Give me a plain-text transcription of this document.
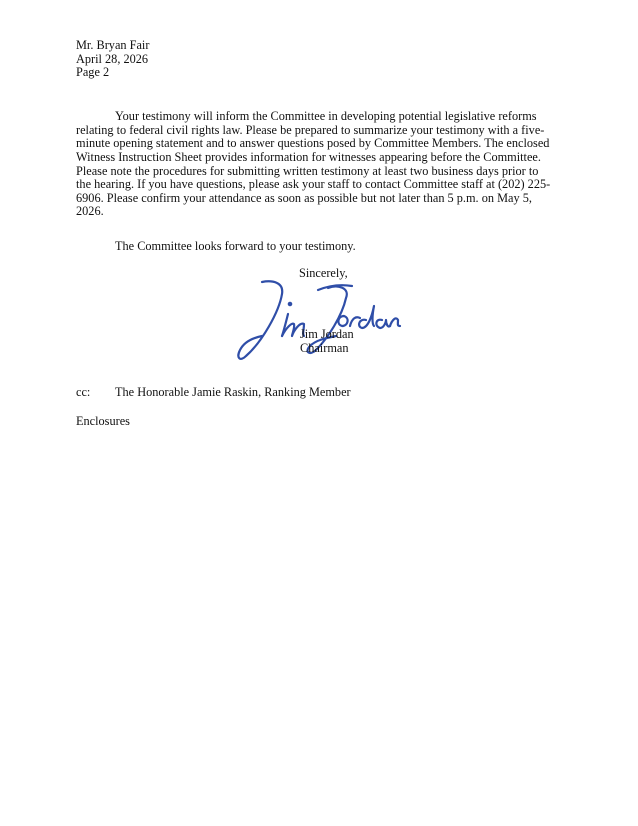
Mr. Bryan Fair
April 28, 2026
Page 2
Your testimony will inform the Committee in developing potential legislative reforms
relating to federal civil rights law. Please be prepared to summarize your testimony with a five-
minute opening statement and to answer questions posed by Committee Members. The enclosed
Witness Instruction Sheet provides information for witnesses appearing before the Committee.
Please note the procedures for submitting written testimony at least two business days prior to
the hearing. If you have questions, please ask your staff to contact Committee staff at (202) 225-
6906. Please confirm your attendance as soon as possible but not later than 5 p.m. on May 5,
2026.
The Committee looks forward to your testimony.
Sincerely,
Jim Jordan
Chairman
cc: The Honorable Jamie Raskin, Ranking Member
Enclosures
